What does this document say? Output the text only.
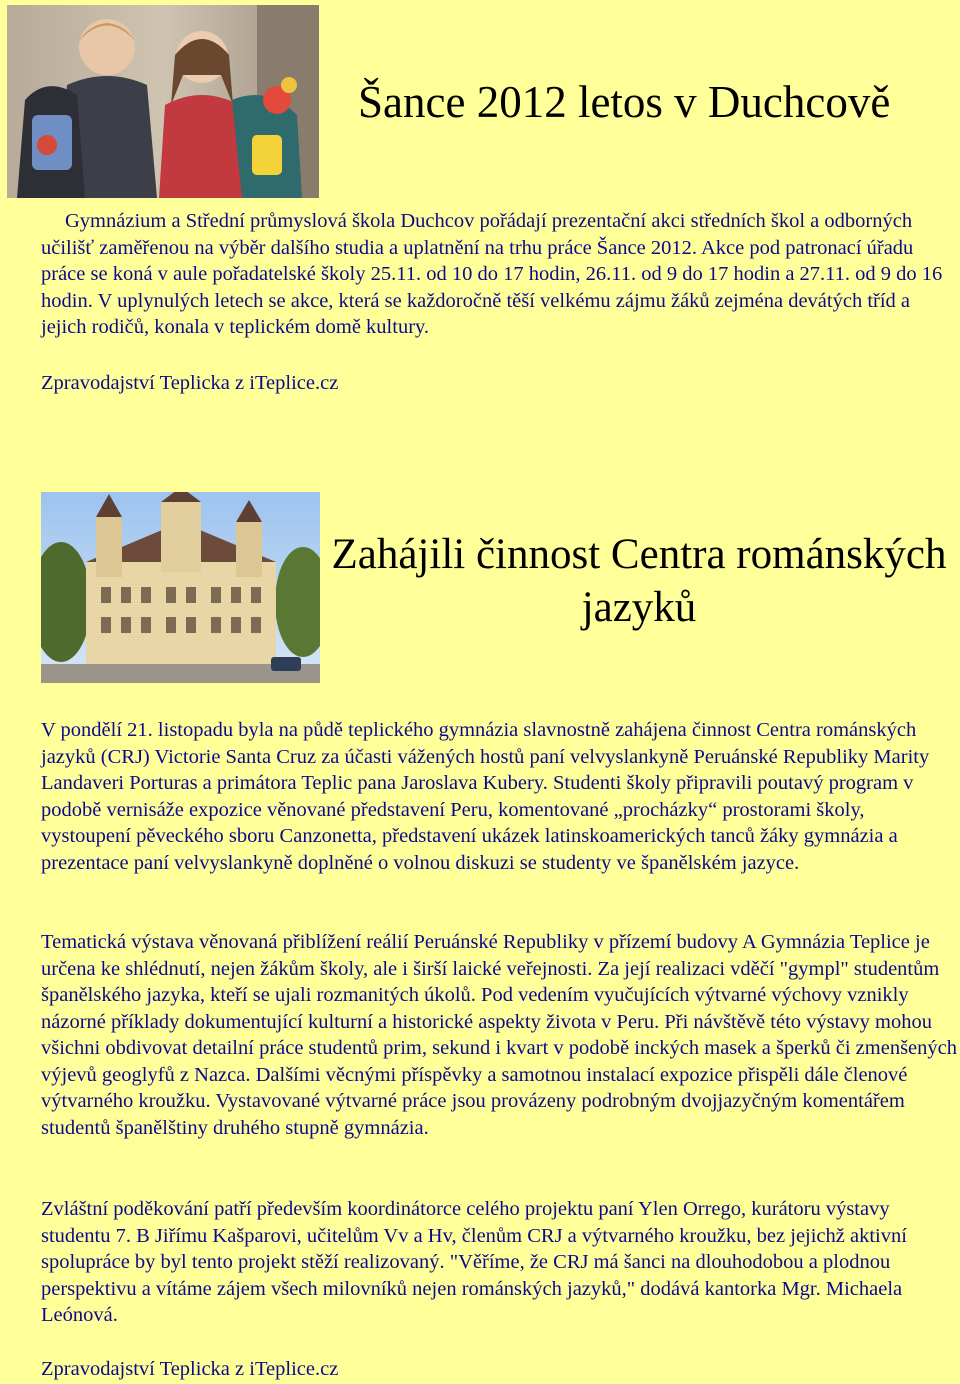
Šance 2012 letos v Duchcově

Gymnázium a Střední průmyslová škola Duchcov pořádají prezentační akci středních škol a odborných učilišť zaměřenou na výběr dalšího studia a uplatnění na trhu práce Šance 2012. Akce pod patronací úřadu práce se koná v aule pořadatelské školy 25.11. od 10 do 17 hodin, 26.11. od 9 do 17 hodin a 27.11. od 9 do 16 hodin. V uplynulých letech se akce, která se každoročně těší velkému zájmu žáků zejména devátých tříd a jejich rodičů, konala v teplickém domě kultury.

Zpravodajství Teplicka z iTeplice.cz
Zahájili činnost Centra románských jazyků

V pondělí 21. listopadu byla na půdě teplického gymnázia slavnostně zahájena činnost Centra románských jazyků (CRJ) Victorie Santa Cruz za účasti vážených hostů paní velvyslankyně Peruánské Republiky Marity Landaveri Porturas a primátora Teplic pana Jaroslava Kubery. Studenti školy připravili poutavý program v podobě vernisáže expozice věnované představení Peru, komentované „procházky“ prostorami školy, vystoupení pěveckého sboru Canzonetta, představení ukázek latinskoamerických tanců žáky gymnázia a prezentace paní velvyslankyně doplněné o volnou diskuzi se studenty ve španělském jazyce.

Tematická výstava věnovaná přiblížení reálií Peruánské Republiky v přízemí budovy A Gymnázia Teplice je určena ke shlédnutí, nejen žákům školy, ale i širší laické veřejnosti. Za její realizaci vděčí "gympl" studentům španělského jazyka, kteří se ujali rozmanitých úkolů. Pod vedením vyučujících výtvarné výchovy vznikly názorné příklady dokumentující kulturní a historické aspekty života v Peru. Při návštěvě této výstavy mohou všichni obdivovat detailní práce studentů prim, sekund i kvart v podobě inckých masek a šperků či zmenšených výjevů geoglyfů z Nazca. Dalšími věcnými příspěvky a samotnou instalací expozice přispěli dále členové výtvarného kroužku. Vystavované výtvarné práce jsou provázeny podrobným dvojjazyčným komentářem studentů španělštiny druhého stupně gymnázia.

Zvláštní poděkování patří především koordinátorce celého projektu paní Ylen Orrego, kurátoru výstavy studentu 7. B Jiřímu Kašparovi, učitelům Vv a Hv, členům CRJ a výtvarného kroužku, bez jejichž aktivní spolupráce by byl tento projekt stěží realizovaný. "Věříme, že CRJ má šanci na dlouhodobou a plodnou perspektivu a vítáme zájem všech milovníků nejen románských jazyků," dodává kantorka Mgr. Michaela Leónová.

Zpravodajství Teplicka z iTeplice.cz
